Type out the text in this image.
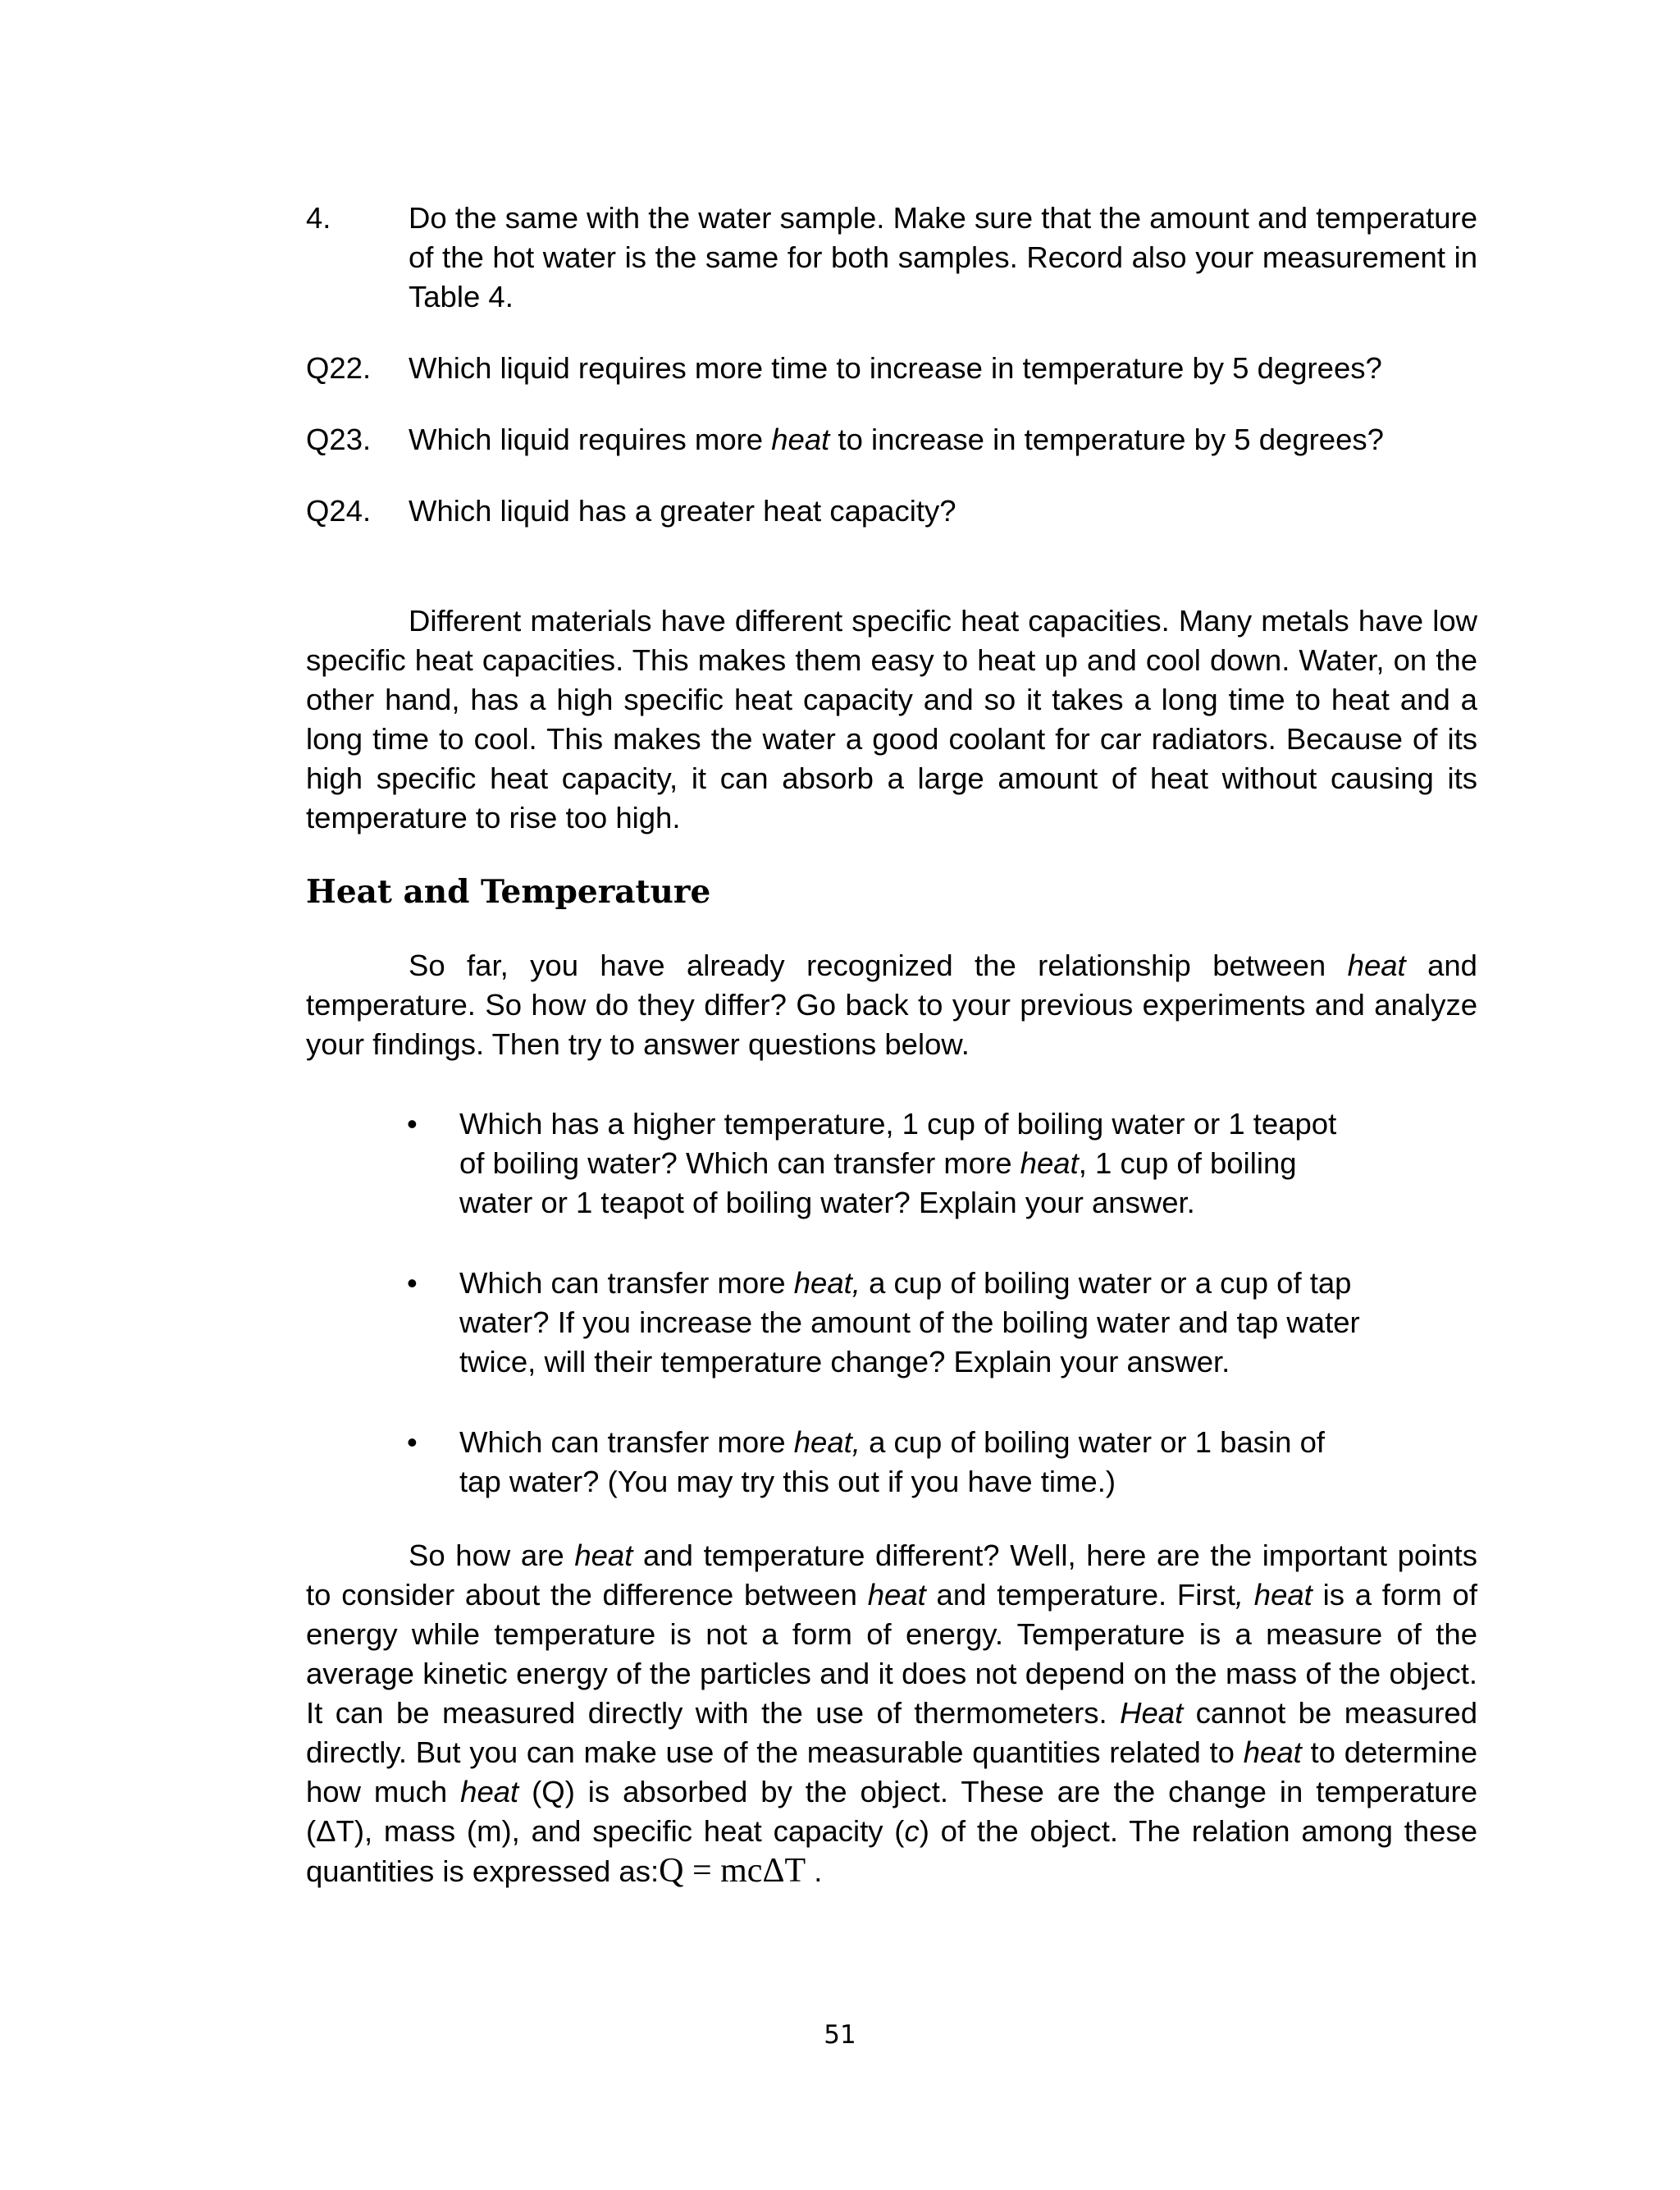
4.	Do the same with the water sample. Make sure that the amount and temperature of the hot water is the same for both samples. Record also your measurement in Table 4.
Q22.	Which liquid requires more time to increase in temperature by 5 degrees?
Q23.	Which liquid requires more heat to increase in temperature by 5 degrees?
Q24.	Which liquid has a greater heat capacity?

Different materials have different specific heat capacities. Many metals have low specific heat capacities. This makes them easy to heat up and cool down. Water, on the other hand, has a high specific heat capacity and so it takes a long time to heat and a long time to cool. This makes the water a good coolant for car radiators. Because of its high specific heat capacity, it can absorb a large amount of heat without causing its temperature to rise too high.

Heat and Temperature

So far, you have already recognized the relationship between heat and temperature. So how do they differ? Go back to your previous experiments and analyze your findings. Then try to answer questions below.

• Which has a higher temperature, 1 cup of boiling water or 1 teapot of boiling water? Which can transfer more heat, 1 cup of boiling water or 1 teapot of boiling water? Explain your answer.
• Which can transfer more heat, a cup of boiling water or a cup of tap water? If you increase the amount of the boiling water and tap water twice, will their temperature change? Explain your answer.
• Which can transfer more heat, a cup of boiling water or 1 basin of tap water? (You may try this out if you have time.)

So how are heat and temperature different? Well, here are the important points to consider about the difference between heat and temperature. First, heat is a form of energy while temperature is not a form of energy. Temperature is a measure of the average kinetic energy of the particles and it does not depend on the mass of the object. It can be measured directly with the use of thermometers. Heat cannot be measured directly. But you can make use of the measurable quantities related to heat to determine how much heat (Q) is absorbed by the object. These are the change in temperature (ΔT), mass (m), and specific heat capacity (c) of the object. The relation among these quantities is expressed as:Q = mcΔT .

51
